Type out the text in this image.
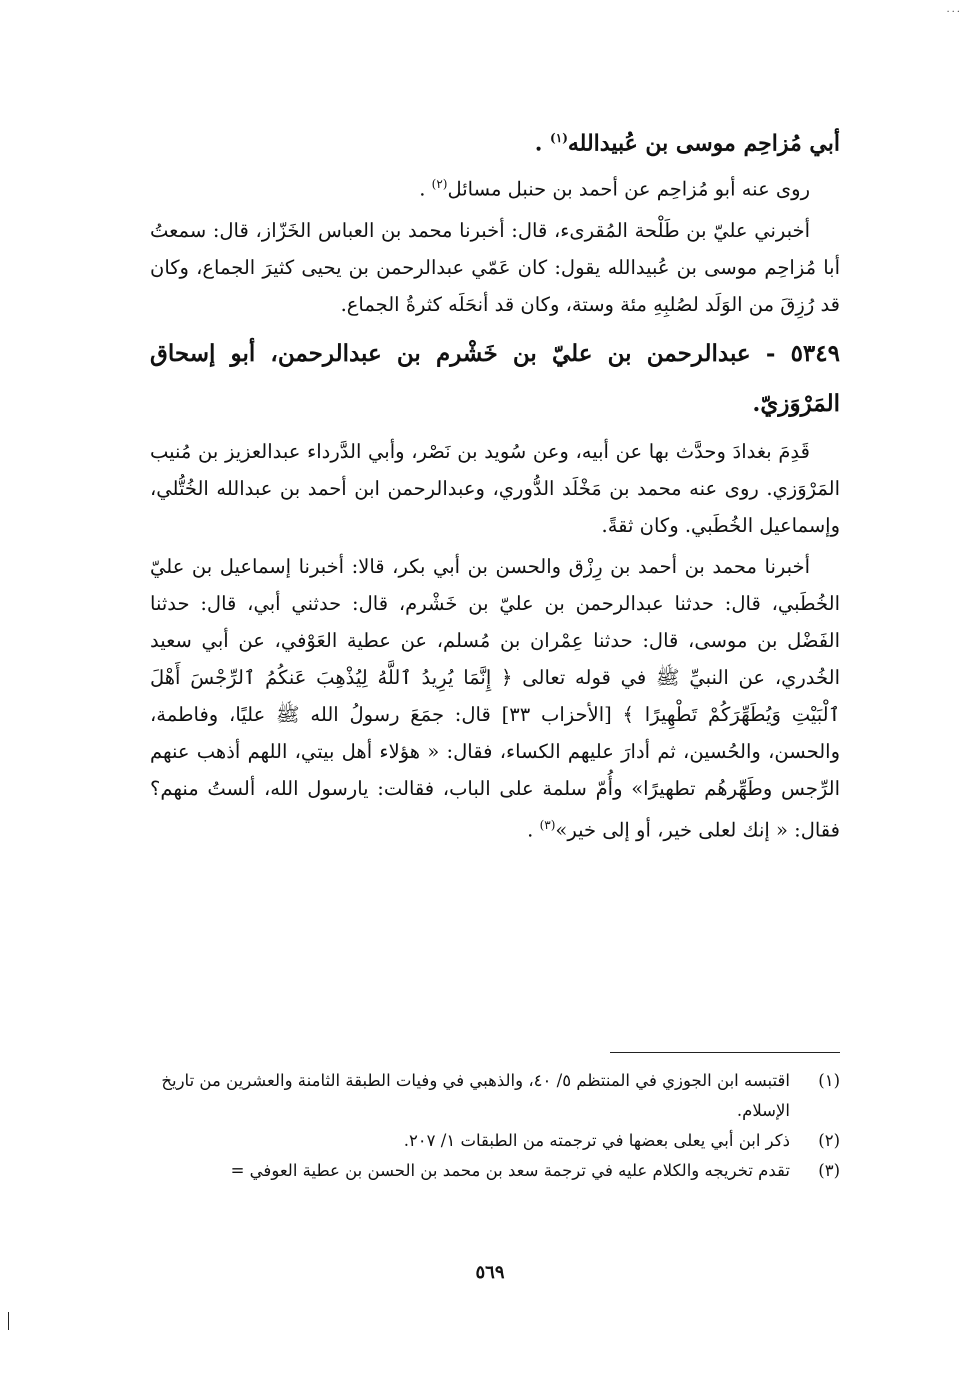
...

أبي مُزاحِم موسى بن عُبيدالله$^{(١)}$ .

روى عنه أبو مُزاحِم عن أحمد بن حنبل مسائل$^{(٢)}$ .

أخبرني عليّ بن طَلْحة المُقرىء، قال: أخبرنا محمد بن العباس الخَزّاز، قال: سمعتُ أبا مُزاحِم موسى بن عُبيدالله يقول: كان عَمّي عبدالرحمن بن يحيى كثيرَ الجماع، وكان قد رُزِقَ من الوَلَد لصُلبِهِ مئة وستة، وكان قد أنحَلَه كثرةُ الجماع.

٥٣٤٩ - عبدالرحمن بن عليّ بن خَشْرم بن عبدالرحمن، أبو إسحاق المَرْوَزيّ.

قَدِمَ بغدادَ وحدَّث بها عن أبيه، وعن سُويد بن نَصْر، وأبي الدَّرداء عبدالعزيز بن مُنيب المَرْوَزي. روى عنه محمد بن مَخْلَد الدُّوري، وعبدالرحمن ابن أحمد بن عبدالله الخُتُّلي، وإسماعيل الخُطَبي. وكان ثقةً.

أخبرنا محمد بن أحمد بن رِزْق والحسن بن أبي بكر، قالا: أخبرنا إسماعيل بن عليّ الخُطَبي، قال: حدثنا عبدالرحمن بن عليّ بن خَشْرم، قال: حدثني أبي، قال: حدثنا الفَضْل بن موسى، قال: حدثنا عِمْران بن مُسلم، عن عطية العَوْفي، عن أبي سعيد الخُدري، عن النبيِّ ﷺ في قوله تعالى ﴿ إِنَّمَا يُرِيدُ ٱللَّهُ لِيُذْهِبَ عَنكُمُ ٱلرِّجْسَ أَهْلَ ٱلْبَيْتِ وَيُطَهِّرَكُمْ تَطْهِيرًا ﴾ [الأحزاب ٣٣] قال: جمَعَ رسولُ الله ﷺ عليًا، وفاطمة، والحسن، والحُسين، ثم أدارَ عليهم الكساء، فقال: « هؤلاء أهل بيتي، اللهم أذهب عنهم الرِّجس وطَهِّرهُم تطهيرًا» وأُمّ سلمة على الباب، فقالت: يارسول الله، ألستُ منهم؟ فقال: « إنك لعلى خير، أو إلى خير»$^{(٣)}$ .

(١)
اقتبسه ابن الجوزي في المنتظم ٥/ ٤٠، والذهبي في وفيات الطبقة الثامنة والعشرين من تاريخ الإسلام.
(٢)
ذكر ابن أبي يعلى بعضها في ترجمته من الطبقات ١/ ٢٠٧.
(٣)
تقدم تخريجه والكلام عليه في ترجمة سعد بن محمد بن الحسن بن عطية العوفي =
٥٦٩
